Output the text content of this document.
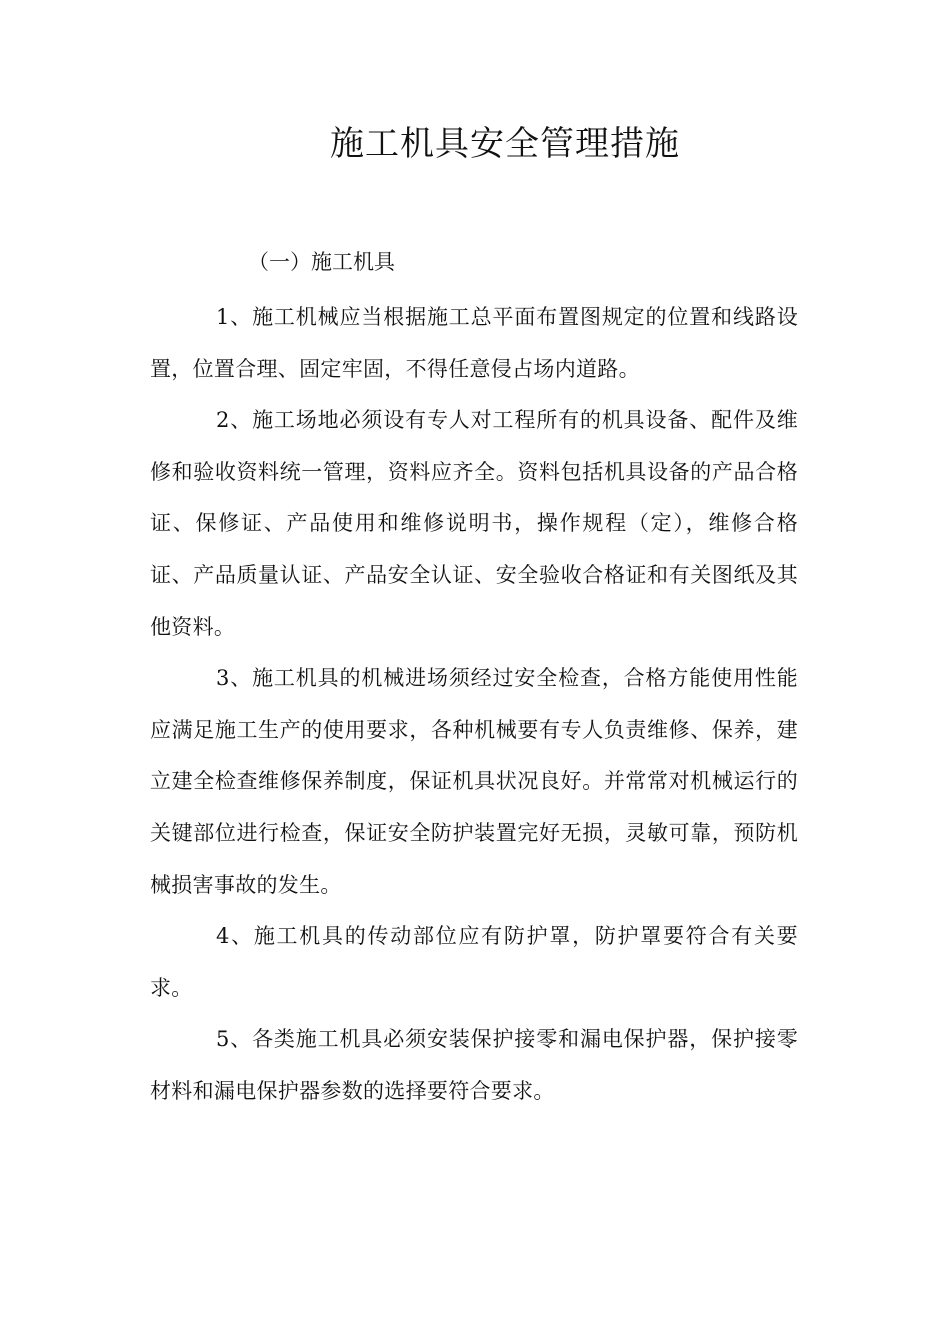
施工机具安全管理措施
（一）施工机具

1、施工机械应当根据施工总平面布置图规定的位置和线路设置，位置合理、固定牢固，不得任意侵占场内道路。

2、施工场地必须设有专人对工程所有的机具设备、配件及维修和验收资料统一管理，资料应齐全。资料包括机具设备的产品合格证、保修证、产品使用和维修说明书，操作规程（定），维修合格证、产品质量认证、产品安全认证、安全验收合格证和有关图纸及其他资料。

3、施工机具的机械进场须经过安全检查，合格方能使用性能应满足施工生产的使用要求，各种机械要有专人负责维修、保养，建立建全检查维修保养制度，保证机具状况良好。并常常对机械运行的关键部位进行检查，保证安全防护装置完好无损，灵敏可靠，预防机械损害事故的发生。

4、施工机具的传动部位应有防护罩，防护罩要符合有关要求。

5、各类施工机具必须安装保护接零和漏电保护器，保护接零材料和漏电保护器参数的选择要符合要求。
